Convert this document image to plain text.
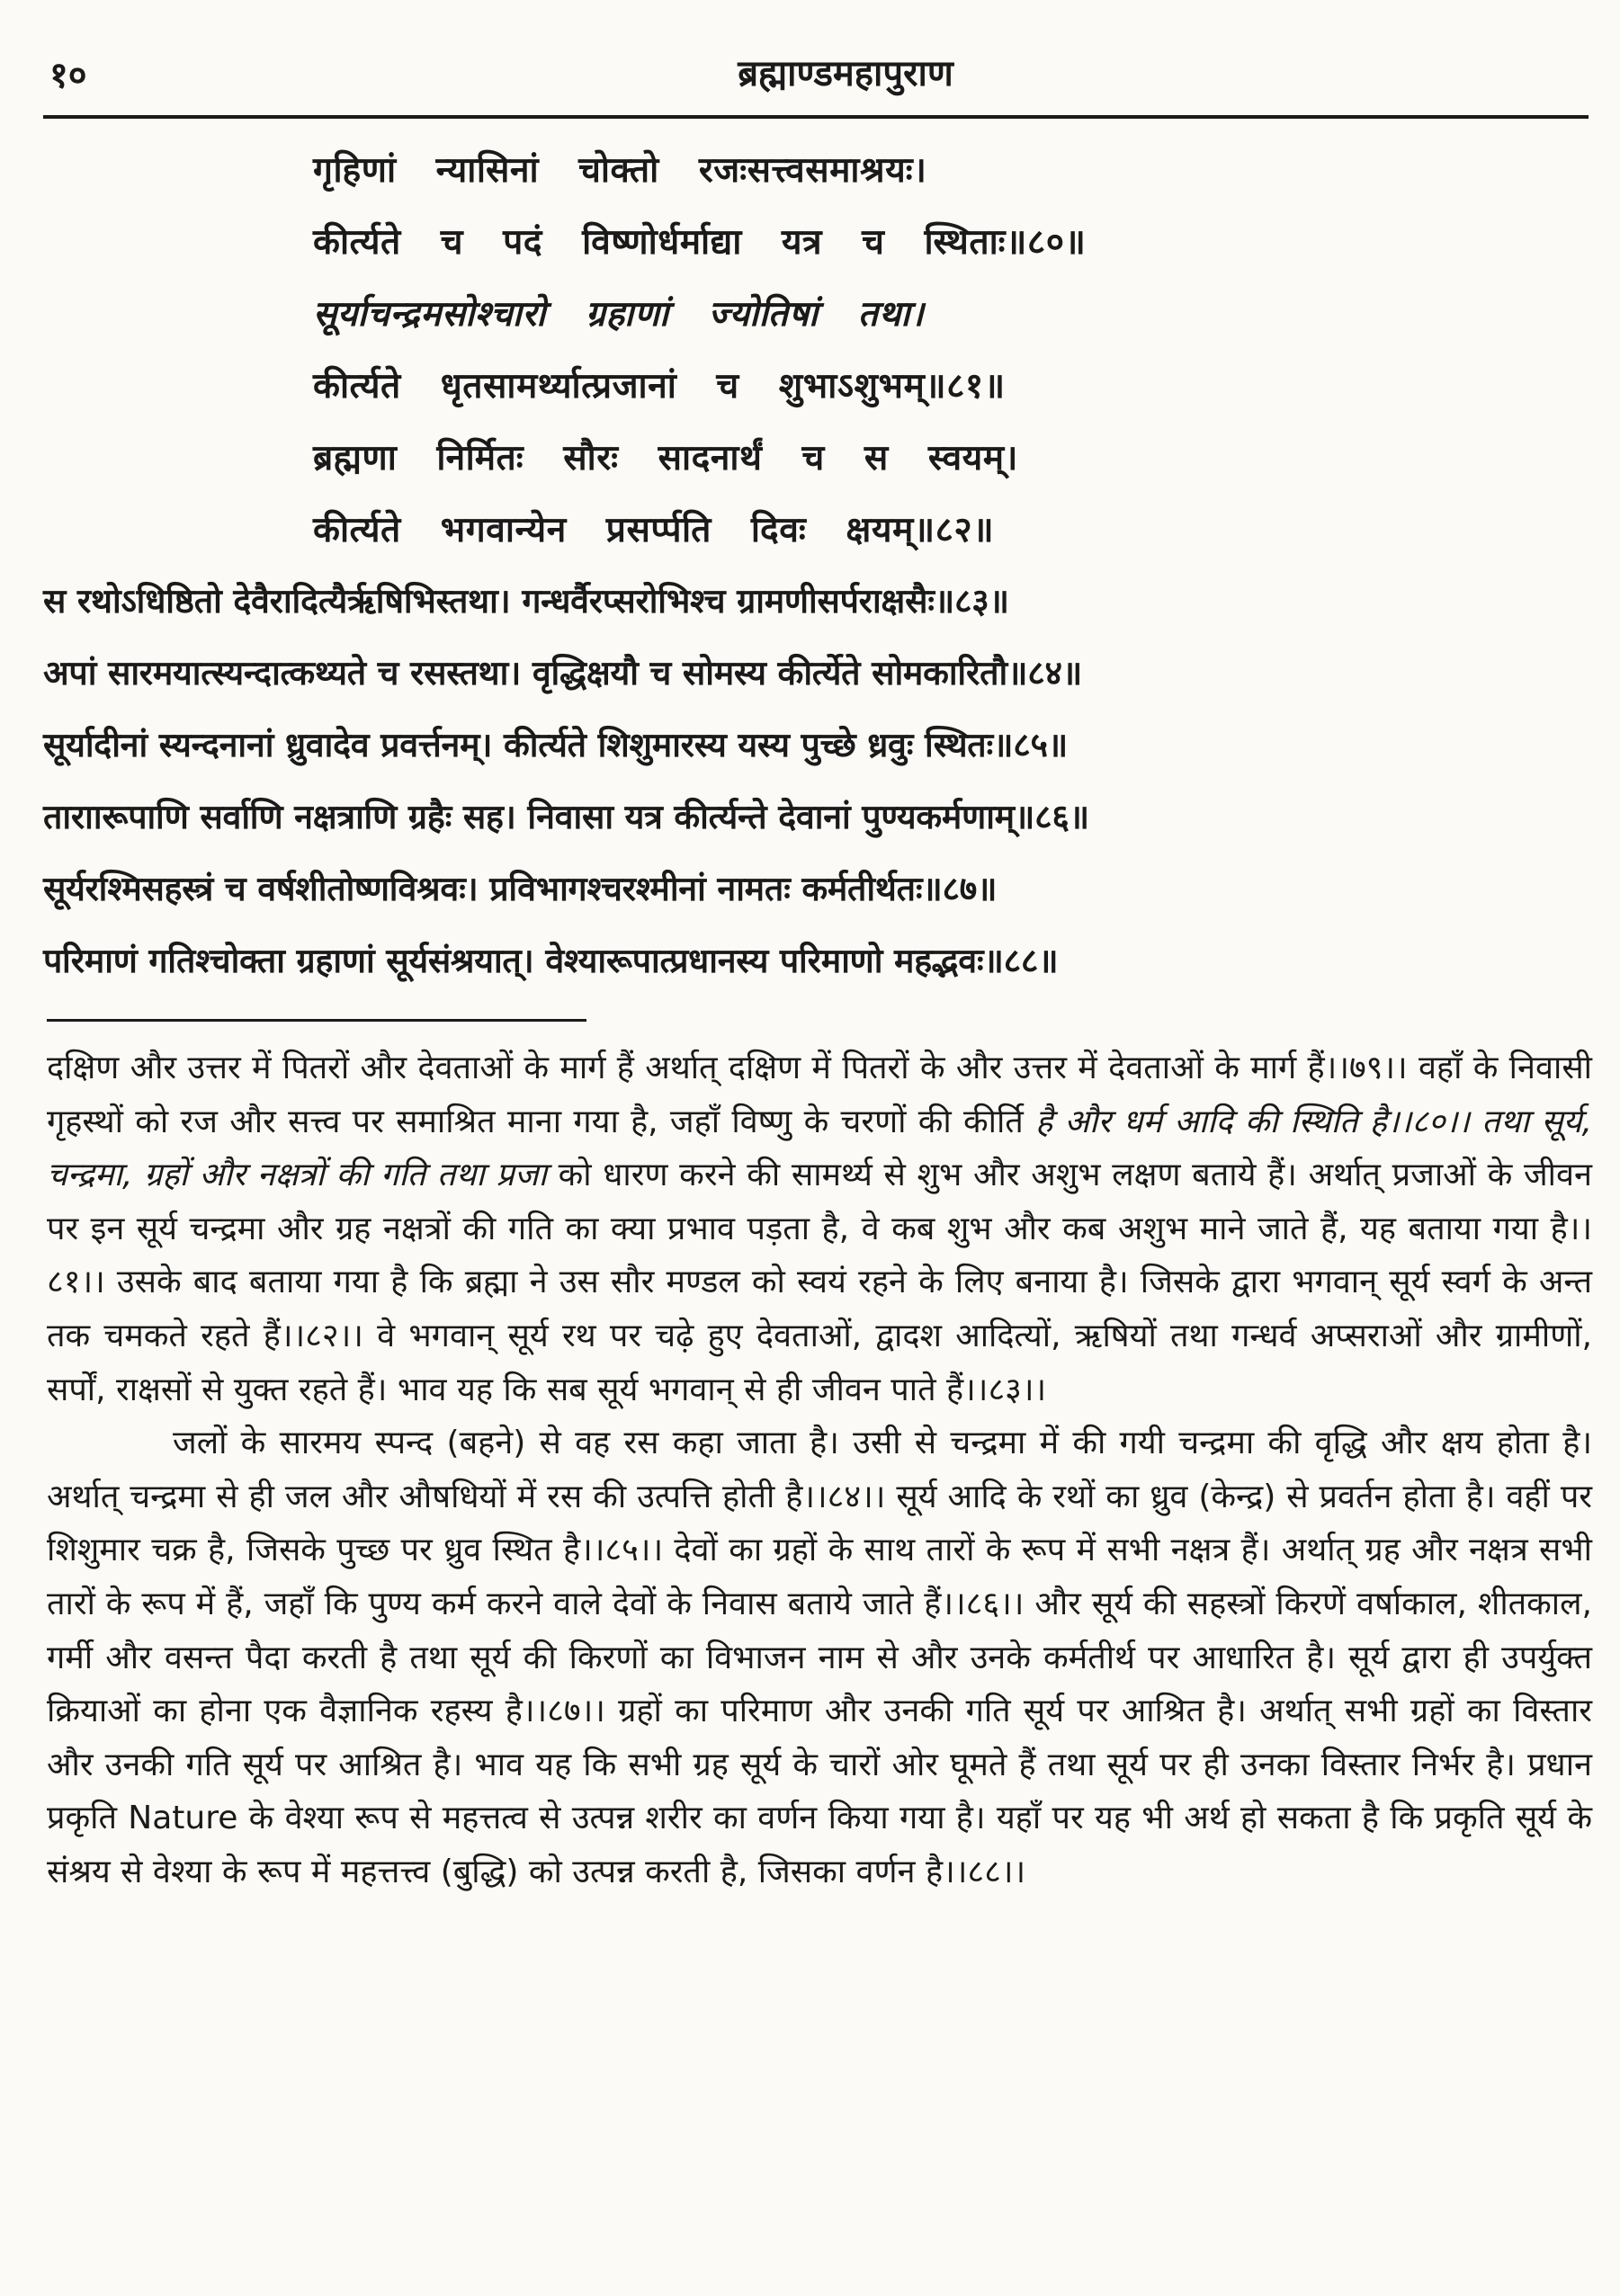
१०	ब्रह्माण्डमहापुराण
गृहिणां न्यासिनां चोक्तो रजःसत्त्वसमाश्रयः।
कीर्त्यते च पदं विष्णोर्धर्माद्या यत्र च स्थिताः॥८०॥
सूर्याचन्द्रमसोश्चारो ग्रहाणां ज्योतिषां तथा।
कीर्त्यते धृतसामर्थ्यात्प्रजानां च शुभाऽशुभम्॥८१॥
ब्रह्मणा निर्मितः सौरः सादनार्थं च स स्वयम्।
कीर्त्यते भगवान्येन प्रसर्प्पति दिवः क्षयम्॥८२॥
स रथोऽधिष्ठितो देवैरादित्यैर्ऋषिभिस्तथा। गन्धर्वैरप्सरोभिश्च ग्रामणीसर्पराक्षसैः॥८३॥
अपां सारमयात्स्यन्दात्कथ्यते च रसस्तथा। वृद्धिक्षयौ च सोमस्य कीर्त्येते सोमकारितौ॥८४॥
सूर्यादीनां स्यन्दनानां ध्रुवादेव प्रवर्त्तनम्। कीर्त्यते शिशुमारस्य यस्य पुच्छे ध्रवुः स्थितः॥८५॥
ताराारूपाणि सर्वाणि नक्षत्राणि ग्रहैः सह। निवासा यत्र कीर्त्यन्ते देवानां पुण्यकर्मणाम्॥८६॥
सूर्यरश्मिसहस्त्रं च वर्षशीतोष्णविश्रवः। प्रविभागश्चरश्मीनां नामतः कर्मतीर्थतः॥८७॥
परिमाणं गतिश्चोक्ता ग्रहाणां सूर्यसंश्रयात्। वेश्यारूपात्प्रधानस्य परिमाणो महद्भवः॥८८॥

दक्षिण और उत्तर में पितरों और देवताओं के मार्ग हैं अर्थात् दक्षिण में पितरों के और उत्तर में देवताओं के मार्ग हैं।।७९।। वहाँ के निवासी गृहस्थों को रज और सत्त्व पर समाश्रित माना गया है, जहाँ विष्णु के चरणों की कीर्ति है और धर्म आदि की स्थिति है।।८०।। तथा सूर्य, चन्द्रमा, ग्रहों और नक्षत्रों की गति तथा प्रजा को धारण करने की सामर्थ्य से शुभ और अशुभ लक्षण बताये हैं। अर्थात् प्रजाओं के जीवन पर इन सूर्य चन्द्रमा और ग्रह नक्षत्रों की गति का क्या प्रभाव पड़ता है, वे कब शुभ और कब अशुभ माने जाते हैं, यह बताया गया है।।८१।। उसके बाद बताया गया है कि ब्रह्मा ने उस सौर मण्डल को स्वयं रहने के लिए बनाया है। जिसके द्वारा भगवान् सूर्य स्वर्ग के अन्त तक चमकते रहते हैं।।८२।। वे भगवान् सूर्य रथ पर चढ़े हुए देवताओं, द्वादश आदित्यों, ऋषियों तथा गन्धर्व अप्सराओं और ग्रामीणों, सर्पों, राक्षसों से युक्त रहते हैं। भाव यह कि सब सूर्य भगवान् से ही जीवन पाते हैं।।८३।।

जलों के सारमय स्पन्द (बहने) से वह रस कहा जाता है। उसी से चन्द्रमा में की गयी चन्द्रमा की वृद्धि और क्षय होता है। अर्थात् चन्द्रमा से ही जल और औषधियों में रस की उत्पत्ति होती है।।८४।। सूर्य आदि के रथों का ध्रुव (केन्द्र) से प्रवर्तन होता है। वहीं पर शिशुमार चक्र है, जिसके पुच्छ पर ध्रुव स्थित है।।८५।। देवों का ग्रहों के साथ तारों के रूप में सभी नक्षत्र हैं। अर्थात् ग्रह और नक्षत्र सभी तारों के रूप में हैं, जहाँ कि पुण्य कर्म करने वाले देवों के निवास बताये जाते हैं।।८६।। और सूर्य की सहस्त्रों किरणें वर्षाकाल, शीतकाल, गर्मी और वसन्त पैदा करती है तथा सूर्य की किरणों का विभाजन नाम से और उनके कर्मतीर्थ पर आधारित है। सूर्य द्वारा ही उपर्युक्त क्रियाओं का होना एक वैज्ञानिक रहस्य है।।८७।। ग्रहों का परिमाण और उनकी गति सूर्य पर आश्रित है। अर्थात् सभी ग्रहों का विस्तार और उनकी गति सूर्य पर आश्रित है। भाव यह कि सभी ग्रह सूर्य के चारों ओर घूमते हैं तथा सूर्य पर ही उनका विस्तार निर्भर है। प्रधान प्रकृति Nature के वेश्या रूप से महत्तत्व से उत्पन्न शरीर का वर्णन किया गया है। यहाँ पर यह भी अर्थ हो सकता है कि प्रकृति सूर्य के संश्रय से वेश्या के रूप में महत्तत्त्व (बुद्धि) को उत्पन्न करती है, जिसका वर्णन है।।८८।।
